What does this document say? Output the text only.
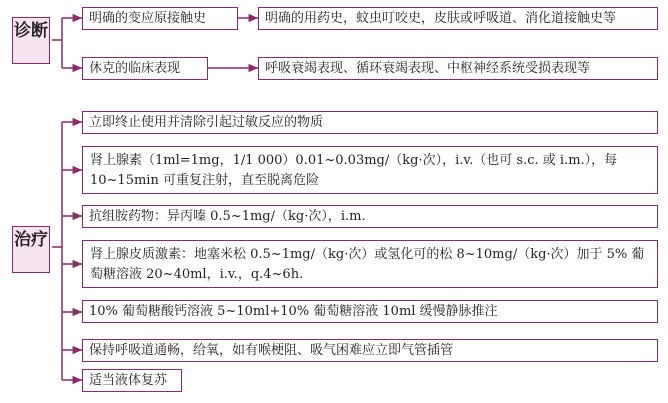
诊断
明确的变应原接触史	明确的用药史，蚊虫叮咬史，皮肤或呼吸道、消化道接触史等
休克的临床表现	呼吸衰竭表现、循环衰竭表现、中枢神经系统受损表现等
治疗
立即终止使用并清除引起过敏反应的物质
肾上腺素（1ml=1mg，1/1 000）0.01~0.03mg/（kg·次），i.v.（也可 s.c. 或 i.m.），每 10~15min 可重复注射，直至脱离危险
抗组胺药物：异丙嗪 0.5~1mg/（kg·次），i.m.
肾上腺皮质激素：地塞米松 0.5~1mg/（kg·次）或氢化可的松 8~10mg/（kg·次）加于 5% 葡萄糖溶液 20~40ml，i.v.，q.4~6h.
10% 葡萄糖酸钙溶液 5~10ml+10% 葡萄糖溶液 10ml 缓慢静脉推注
保持呼吸道通畅，给氧，如有喉梗阻、吸气困难应立即气管插管
适当液体复苏
